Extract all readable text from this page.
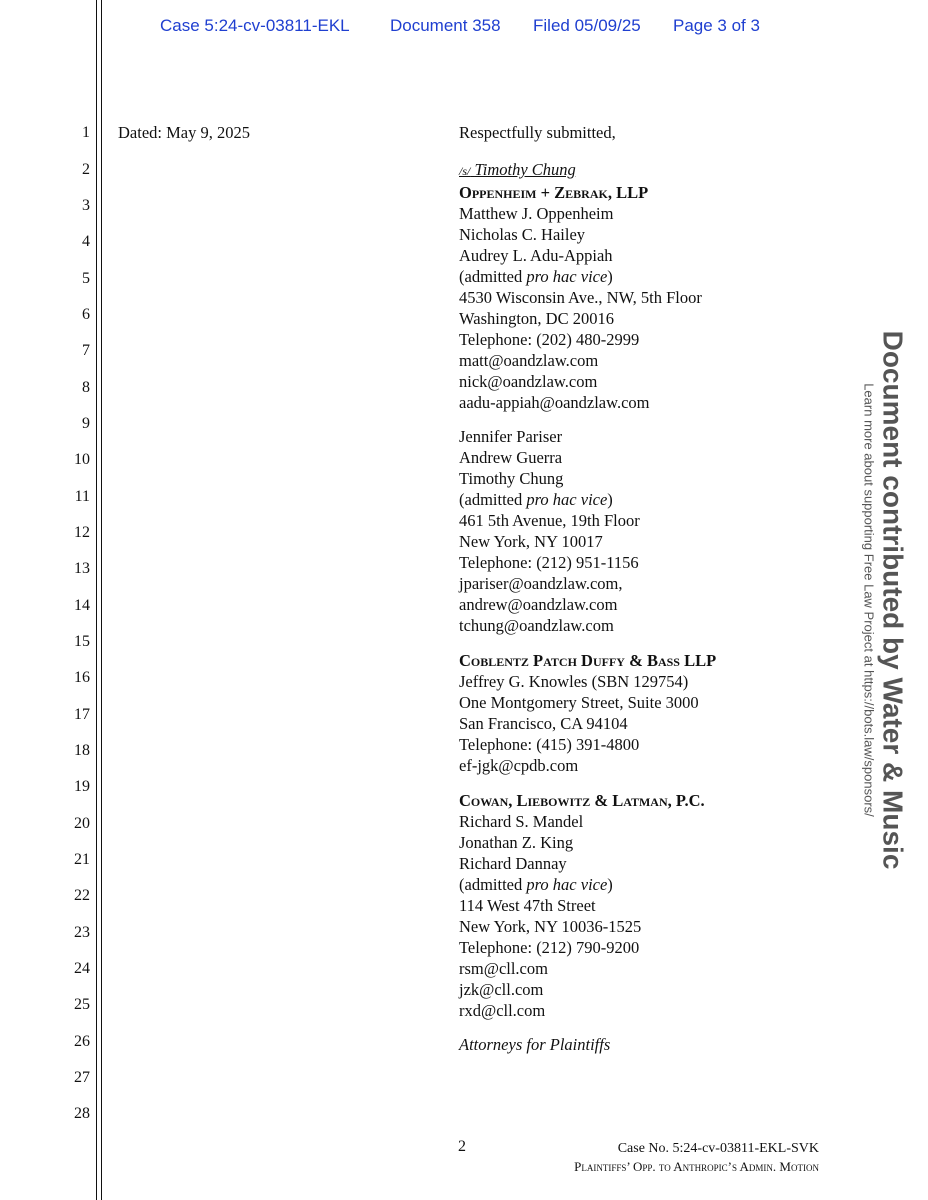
Case 5:24-cv-03811-EKL Document 358 Filed 05/09/25 Page 3 of 3
1
2
3
4
5
6
7
8
9
10
11
12
13
14
15
16
17
18
19
20
21
22
23
24
25
26
27
28
Dated: May 9, 2025	Respectfully submitted,
/s/ Timothy Chung
Oppenheim + Zebrak, LLP
Matthew J. Oppenheim
Nicholas C. Hailey
Audrey L. Adu-Appiah
(admitted pro hac vice)
4530 Wisconsin Ave., NW, 5th Floor
Washington, DC 20016
Telephone: (202) 480-2999
matt@oandzlaw.com
nick@oandzlaw.com
aadu-appiah@oandzlaw.com
Jennifer Pariser
Andrew Guerra
Timothy Chung
(admitted pro hac vice)
461 5th Avenue, 19th Floor
New York, NY 10017
Telephone: (212) 951-1156
jpariser@oandzlaw.com,
andrew@oandzlaw.com
tchung@oandzlaw.com
Coblentz Patch Duffy & Bass LLP
Jeffrey G. Knowles (SBN 129754)
One Montgomery Street, Suite 3000
San Francisco, CA 94104
Telephone: (415) 391-4800
ef-jgk@cpdb.com
Cowan, Liebowitz & Latman, P.C.
Richard S. Mandel
Jonathan Z. King
Richard Dannay
(admitted pro hac vice)
114 West 47th Street
New York, NY 10036-1525
Telephone: (212) 790-9200
rsm@cll.com
jzk@cll.com
rxd@cll.com
Attorneys for Plaintiffs
2	Case No. 5:24-cv-03811-EKL-SVK
Plaintiffs’ Opp. to Anthropic’s Admin. Motion
Document contributed by Water & Music
Learn more about supporting Free Law Project at https://bots.law/sponsors/
